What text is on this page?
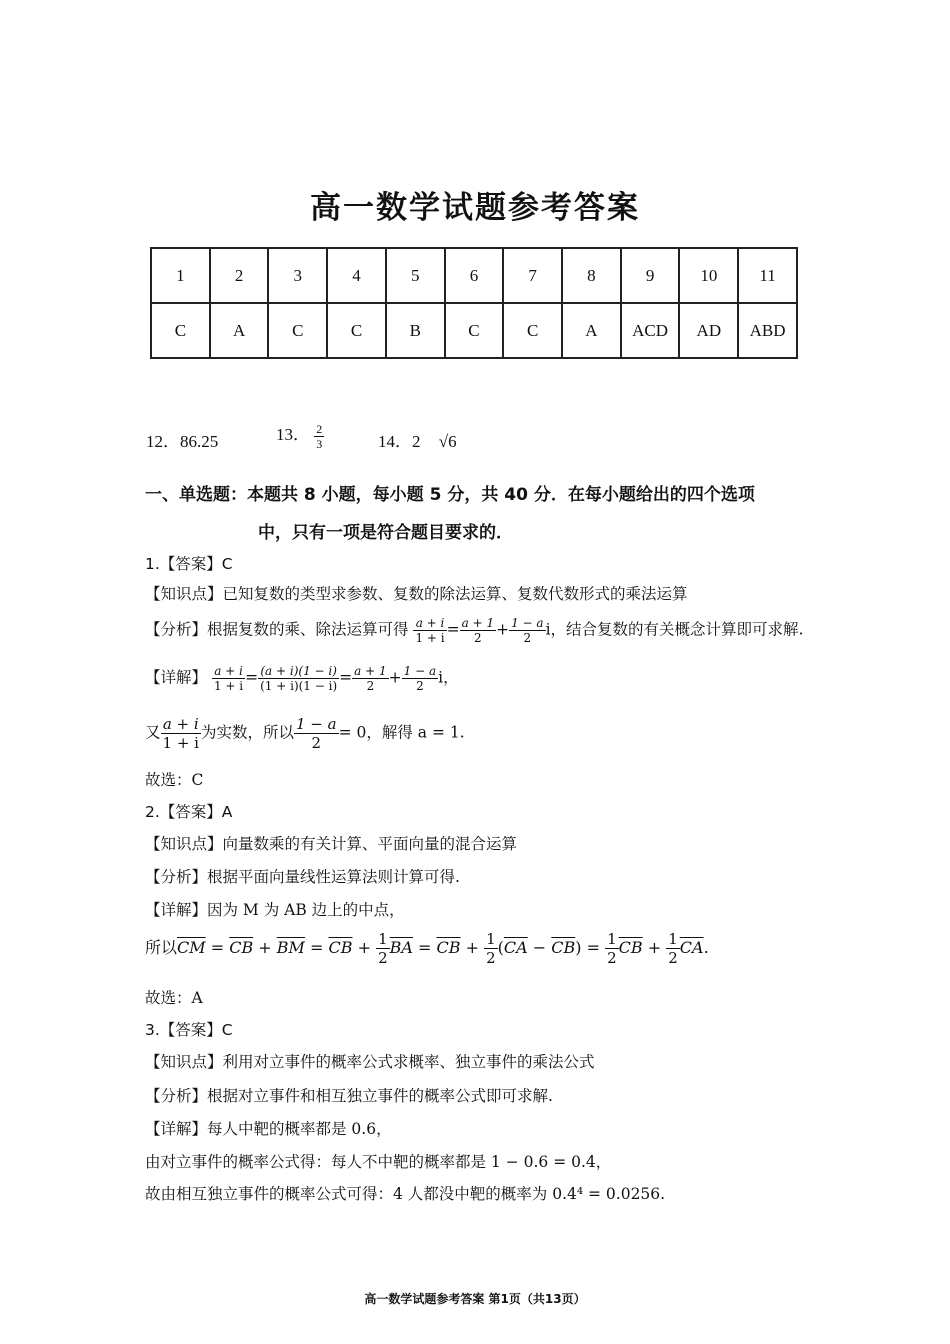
高一数学试题参考答案
1	2	3	4	5	6	7	8	9	10	11
C	A	C	C	B	C	C	A	ACD	AD	ABD
12．86.25	13． $\frac{2}{3}$	14．2 √6
一、单选题：本题共 8 小题，每小题 5 分，共 40 分．在每小题给出的四个选项
中，只有一项是符合题目要求的．
1.【答案】C
【知识点】已知复数的类型求参数、复数的除法运算、复数代数形式的乘法运算
【分析】根据复数的乘、除法运算可得 $\frac{a + i}{1 + i} = \frac{a + 1}{2} + \frac{1 - a}{2}$ i，结合复数的有关概念计算即可求解.
【详解】 $\frac{a + i}{1 + i} = \frac{(a + i)(1 - i)}{(1 + i)(1 - i)} = \frac{a + 1}{2} + \frac{1 - a}{2}$ i，
又 $\frac{a + i}{1 + i}$ 为实数，所以 $\frac{1 - a}{2} = 0$，解得 a = 1.
故选：C
2.【答案】A
【知识点】向量数乘的有关计算、平面向量的混合运算
【分析】根据平面向量线性运算法则计算可得.
【详解】因为 M 为 AB 边上的中点，
所以$\overline{CM} = \overline{CB} + \overline{BM} = \overline{CB} + \frac{1}{2} \overline{BA} = \overline{CB} + \frac{1}{2} (\overline{CA} - \overline{CB}) = \frac{1}{2} \overline{CB} + \frac{1}{2} \overline{CA}$.
故选：A
3.【答案】C
【知识点】利用对立事件的概率公式求概率、独立事件的乘法公式
【分析】根据对立事件和相互独立事件的概率公式即可求解.
【详解】每人中靶的概率都是 0.6，
由对立事件的概率公式得：每人不中靶的概率都是 1 − 0.6 = 0.4，
故由相互独立事件的概率公式可得：4 人都没中靶的概率为 0.4⁴ = 0.0256.
高一数学试题参考答案 第1页（共13页）
